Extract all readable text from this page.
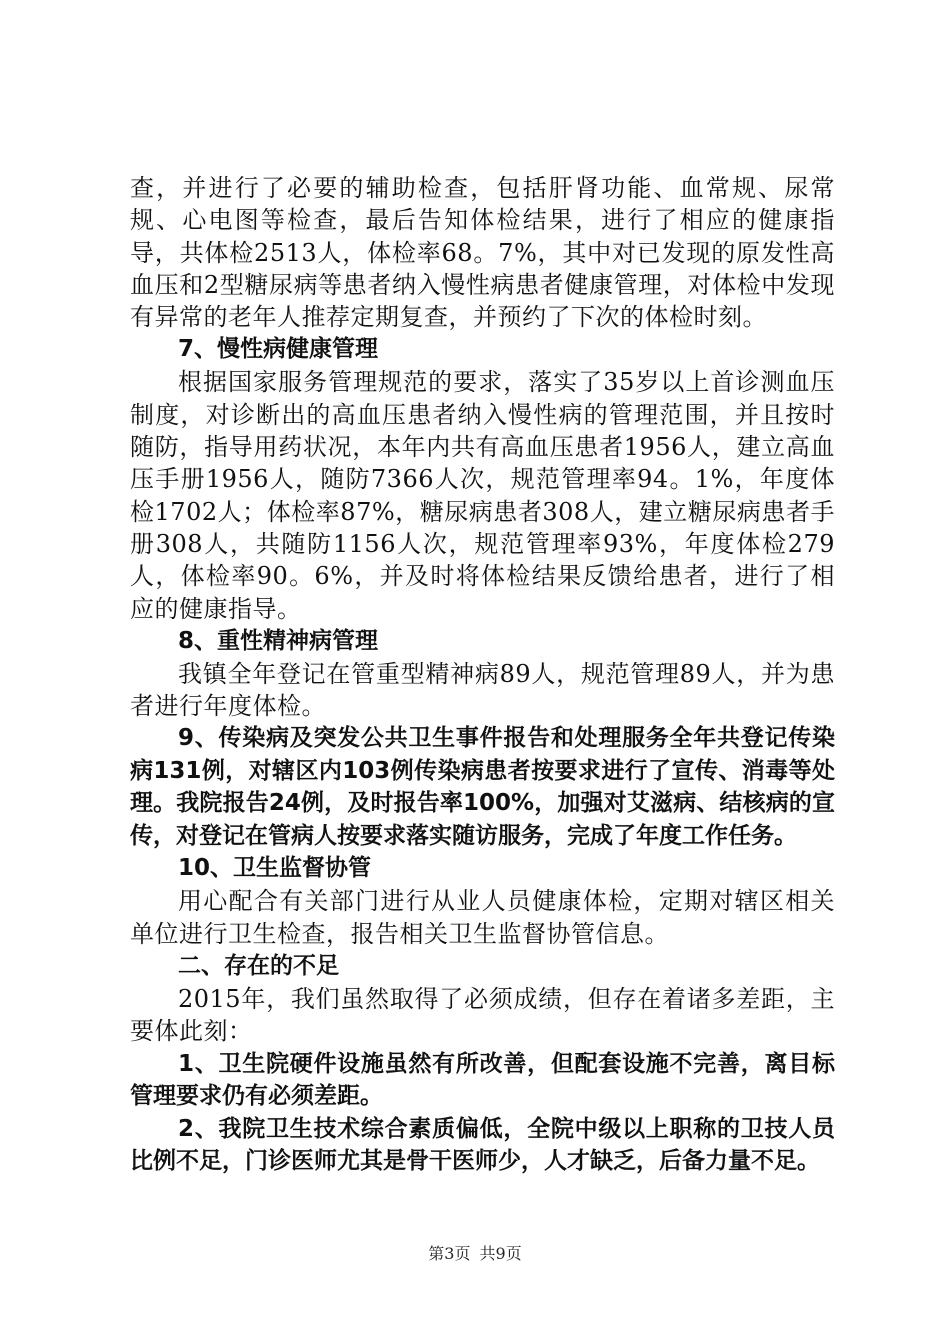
查，并进行了必要的辅助检查，包括肝肾功能、血常规、尿常规、心电图等检查，最后告知体检结果，进行了相应的健康指导，共体检2513人，体检率68。7%，其中对已发现的原发性高血压和2型糖尿病等患者纳入慢性病患者健康管理，对体检中发现有异常的老年人推荐定期复查，并预约了下次的体检时刻。

7、慢性病健康管理

根据国家服务管理规范的要求，落实了35岁以上首诊测血压制度，对诊断出的高血压患者纳入慢性病的管理范围，并且按时随防，指导用药状况，本年内共有高血压患者1956人，建立高血压手册1956人，随防7366人次，规范管理率94。1%，年度体检1702人；体检率87%，糖尿病患者308人，建立糖尿病患者手册308人，共随防1156人次，规范管理率93%，年度体检279人，体检率90。6%，并及时将体检结果反馈给患者，进行了相应的健康指导。

8、重性精神病管理

我镇全年登记在管重型精神病89人，规范管理89人，并为患者进行年度体检。

9、传染病及突发公共卫生事件报告和处理服务全年共登记传染病131例，对辖区内103例传染病患者按要求进行了宣传、消毒等处理。我院报告24例，及时报告率100%，加强对艾滋病、结核病的宣传，对登记在管病人按要求落实随访服务，完成了年度工作任务。

10、卫生监督协管

用心配合有关部门进行从业人员健康体检，定期对辖区相关单位进行卫生检查，报告相关卫生监督协管信息。

二、存在的不足

2015年，我们虽然取得了必须成绩，但存在着诸多差距，主要体此刻：

1、卫生院硬件设施虽然有所改善，但配套设施不完善，离目标管理要求仍有必须差距。

2、我院卫生技术综合素质偏低，全院中级以上职称的卫技人员比例不足，门诊医师尤其是骨干医师少，人才缺乏，后备力量不足。

第3页 共9页
